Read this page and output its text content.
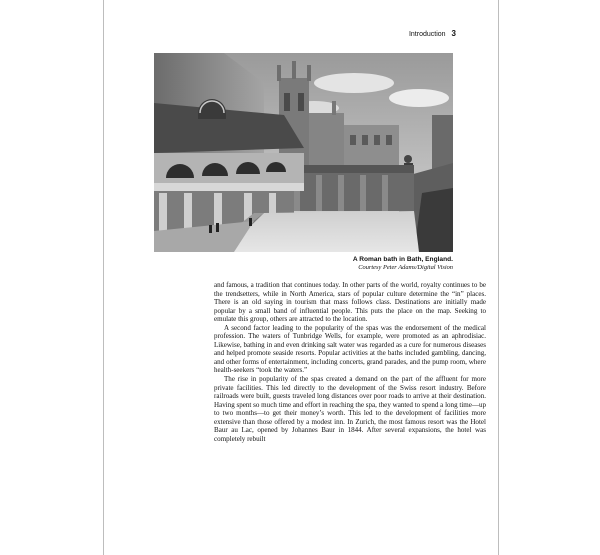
Introduction 3
A Roman bath in Bath, England.
Courtesy Peter Adams/Digital Vision

and famous, a tradition that continues today. In other parts of the world, royalty continues to be the trendsetters, while in North America, stars of popular culture determine the “in” places. There is an old saying in tourism that mass follows class. Destinations are initially made popular by a small band of influential people. This puts the place on the map. Seeking to emulate this group, others are attracted to the location.

A second factor leading to the popularity of the spas was the endorsement of the medical profession. The waters of Tunbridge Wells, for example, were promoted as an aphrodisiac. Likewise, bathing in and even drinking salt water was regarded as a cure for numerous diseases and helped promote seaside resorts. Popular activities at the baths included gambling, dancing, and other forms of entertainment, including concerts, grand parades, and the pump room, where health-seekers “took the waters.”

The rise in popularity of the spas created a demand on the part of the affluent for more private facilities. This led directly to the development of the Swiss resort industry. Before railroads were built, guests traveled long distances over poor roads to arrive at their destination. Having spent so much time and effort in reaching the spa, they wanted to spend a long time—up to two months—to get their money’s worth. This led to the development of facilities more extensive than those offered by a modest inn. In Zurich, the most famous resort was the Hotel Baur au Lac, opened by Johannes Baur in 1844. After several expansions, the hotel was completely rebuilt
